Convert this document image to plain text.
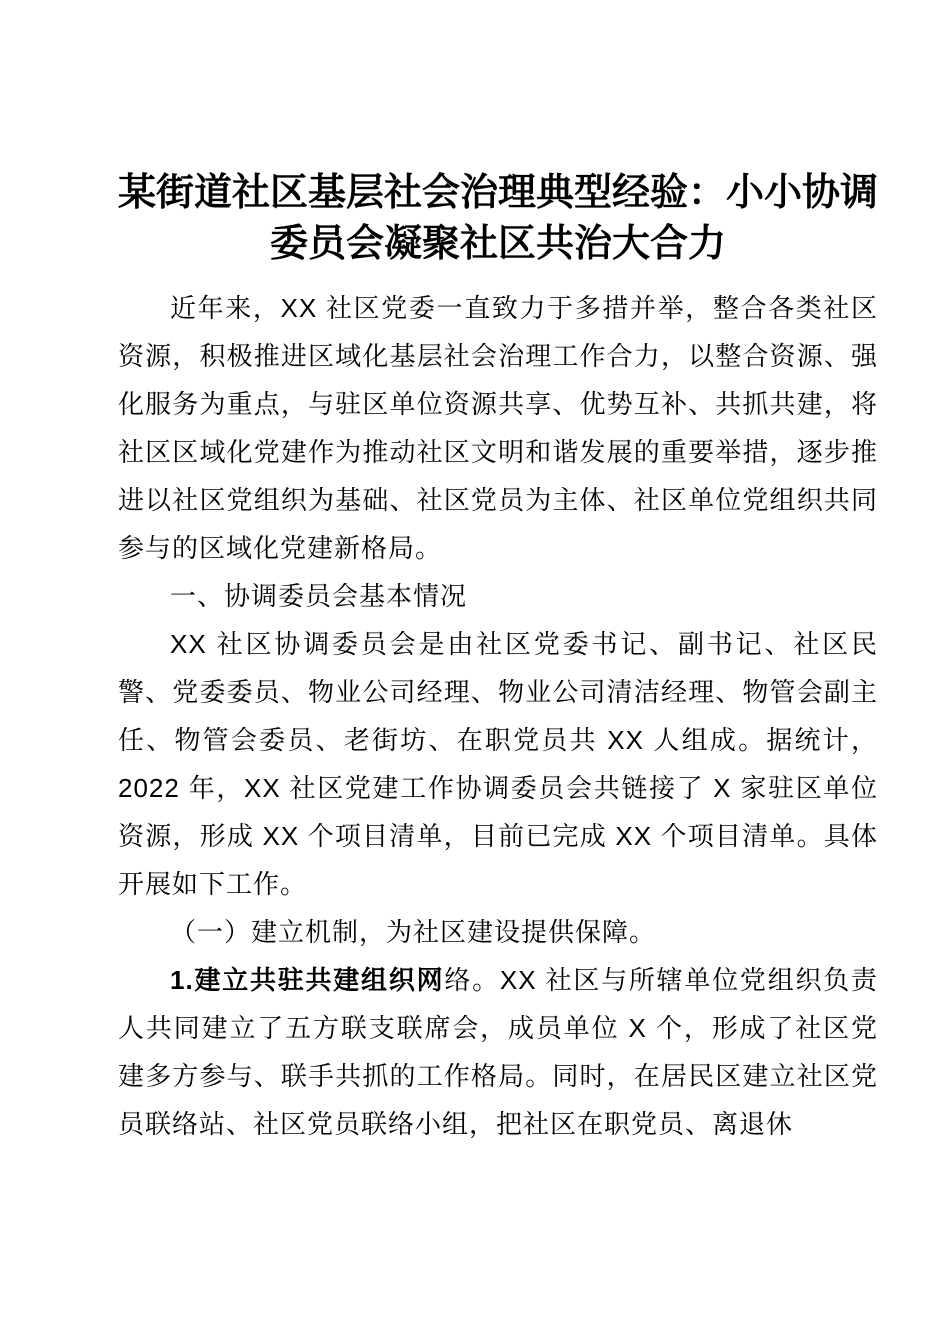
某街道社区基层社会治理典型经验：小小协调委员会凝聚社区共治大合力

近年来，XX 社区党委一直致力于多措并举，整合各类社区资源，积极推进区域化基层社会治理工作合力，以整合资源、强化服务为重点，与驻区单位资源共享、优势互补、共抓共建，将社区区域化党建作为推动社区文明和谐发展的重要举措，逐步推进以社区党组织为基础、社区党员为主体、社区单位党组织共同参与的区域化党建新格局。

一、协调委员会基本情况

XX 社区协调委员会是由社区党委书记、副书记、社区民警、党委委员、物业公司经理、物业公司清洁经理、物管会副主任、物管会委员、老街坊、在职党员共 XX 人组成。据统计，2022 年，XX 社区党建工作协调委员会共链接了 X 家驻区单位资源，形成 XX 个项目清单，目前已完成 XX 个项目清单。具体开展如下工作。

（一）建立机制，为社区建设提供保障。

1.建立共驻共建组织网络。XX 社区与所辖单位党组织负责人共同建立了五方联支联席会，成员单位 X 个，形成了社区党建多方参与、联手共抓的工作格局。同时，在居民区建立社区党员联络站、社区党员联络小组，把社区在职党员、离退休
